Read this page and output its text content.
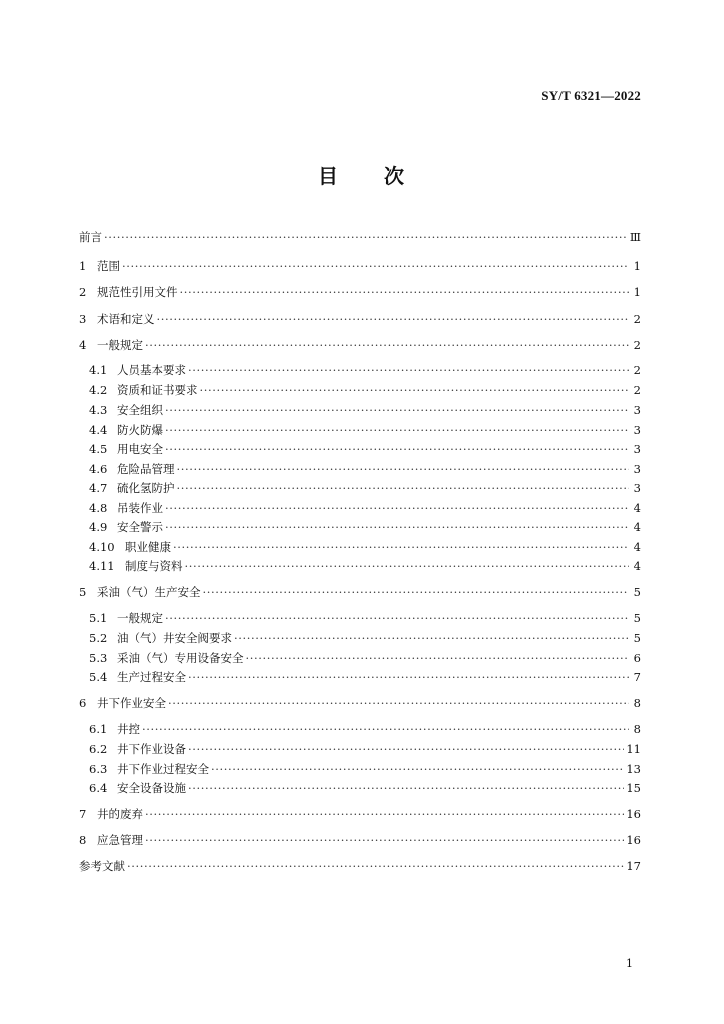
SY/T 6321—2022
目 次
前言 ·····	Ⅲ
1 范围 ·····	1
2 规范性引用文件 ·····	1
3 术语和定义 ·····	2
4 一般规定 ·····	2
4.1 人员基本要求 ·····	2
4.2 资质和证书要求 ·····	2
4.3 安全组织 ·····	3
4.4 防火防爆 ·····	3
4.5 用电安全 ·····	3
4.6 危险品管理 ·····	3
4.7 硫化氢防护 ·····	3
4.8 吊装作业 ·····	4
4.9 安全警示 ·····	4
4.10 职业健康 ·····	4
4.11 制度与资料 ·····	4
5 采油（气）生产安全 ·····	5
5.1 一般规定 ·····	5
5.2 油（气）井安全阀要求 ·····	5
5.3 采油（气）专用设备安全 ·····	6
5.4 生产过程安全 ·····	7
6 井下作业安全 ·····	8
6.1 井控 ·····	8
6.2 井下作业设备 ·····	11
6.3 井下作业过程安全 ·····	13
6.4 安全设备设施 ·····	15
7 井的废弃 ·····	16
8 应急管理 ·····	16
参考文献 ·····	17
1
